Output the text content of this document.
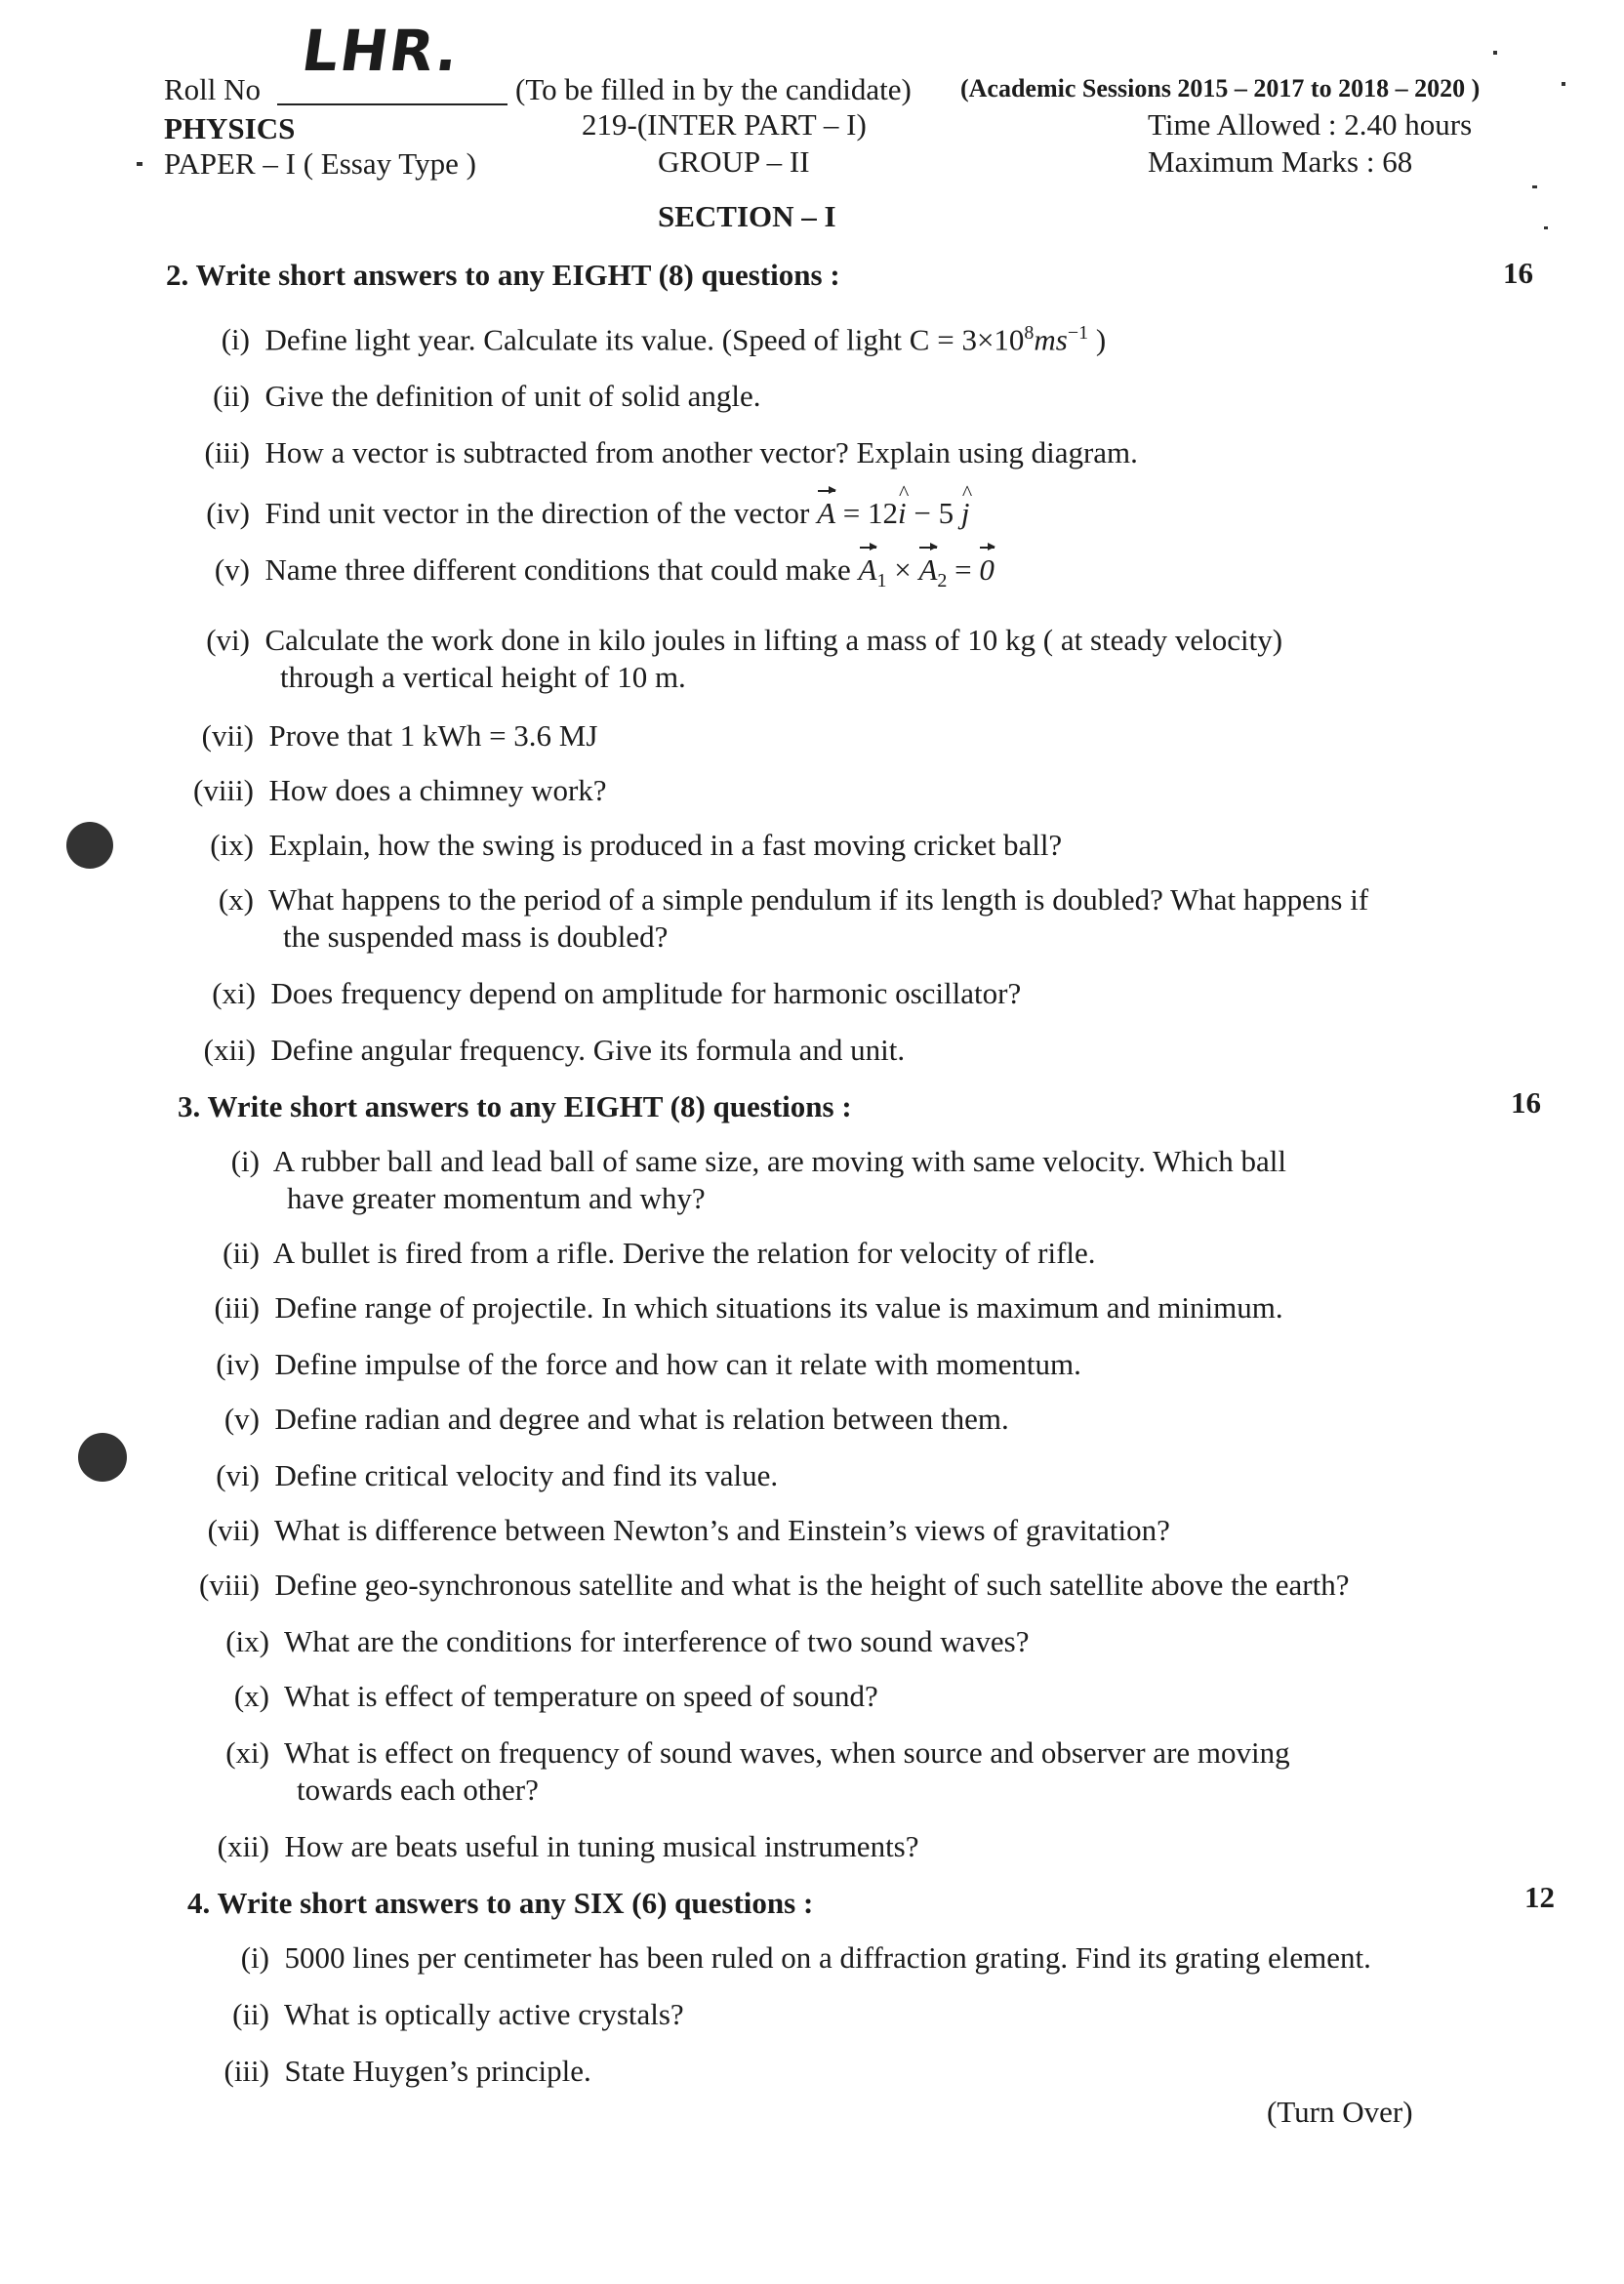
LHR.
Roll No	(To be filled in by the candidate) (Academic Sessions 2015 – 2017 to 2018 – 2020 )
PHYSICS	219-(INTER PART – I)	Time Allowed : 2.40 hours
PAPER – I ( Essay Type )	GROUP – II	Maximum Marks : 68
SECTION – I
2. Write short answers to any EIGHT (8) questions :	16
(i) Define light year. Calculate its value. (Speed of light $C = 3\times 10^8ms^{-1}$ )
(ii) Give the definition of unit of solid angle.
(iii) How a vector is subtracted from another vector? Explain using diagram.
(iv) Find unit vector in the direction of the vector A = 12^ i − 5 ^ j
(v) Name three different conditions that could make $A_1 \times A_2 = 0$
(vi) Calculate the work done in kilo joules in lifting a mass of 10 kg ( at steady velocity)
through a vertical height of 10 m.
(vii) Prove that 1 kWh = 3.6 MJ
(viii) How does a chimney work?
(ix) Explain, how the swing is produced in a fast moving cricket ball?
(x) What happens to the period of a simple pendulum if its length is doubled? What happens if
the suspended mass is doubled?
(xi) Does frequency depend on amplitude for harmonic oscillator?
(xii) Define angular frequency. Give its formula and unit.
3. Write short answers to any EIGHT (8) questions :	16
(i) A rubber ball and lead ball of same size, are moving with same velocity. Which ball
have greater momentum and why?
(ii) A bullet is fired from a rifle. Derive the relation for velocity of rifle.
(iii) Define range of projectile. In which situations its value is maximum and minimum.
(iv) Define impulse of the force and how can it relate with momentum.
(v) Define radian and degree and what is relation between them.
(vi) Define critical velocity and find its value.
(vii) What is difference between Newton’s and Einstein’s views of gravitation?
(viii) Define geo-synchronous satellite and what is the height of such satellite above the earth?
(ix) What are the conditions for interference of two sound waves?
(x) What is effect of temperature on speed of sound?
(xi) What is effect on frequency of sound waves, when source and observer are moving
towards each other?
(xii) How are beats useful in tuning musical instruments?
4. Write short answers to any SIX (6) questions :	12
(i) 5000 lines per centimeter has been ruled on a diffraction grating. Find its grating element.
(ii) What is optically active crystals?
(iii) State Huygen’s principle.
(Turn Over)
